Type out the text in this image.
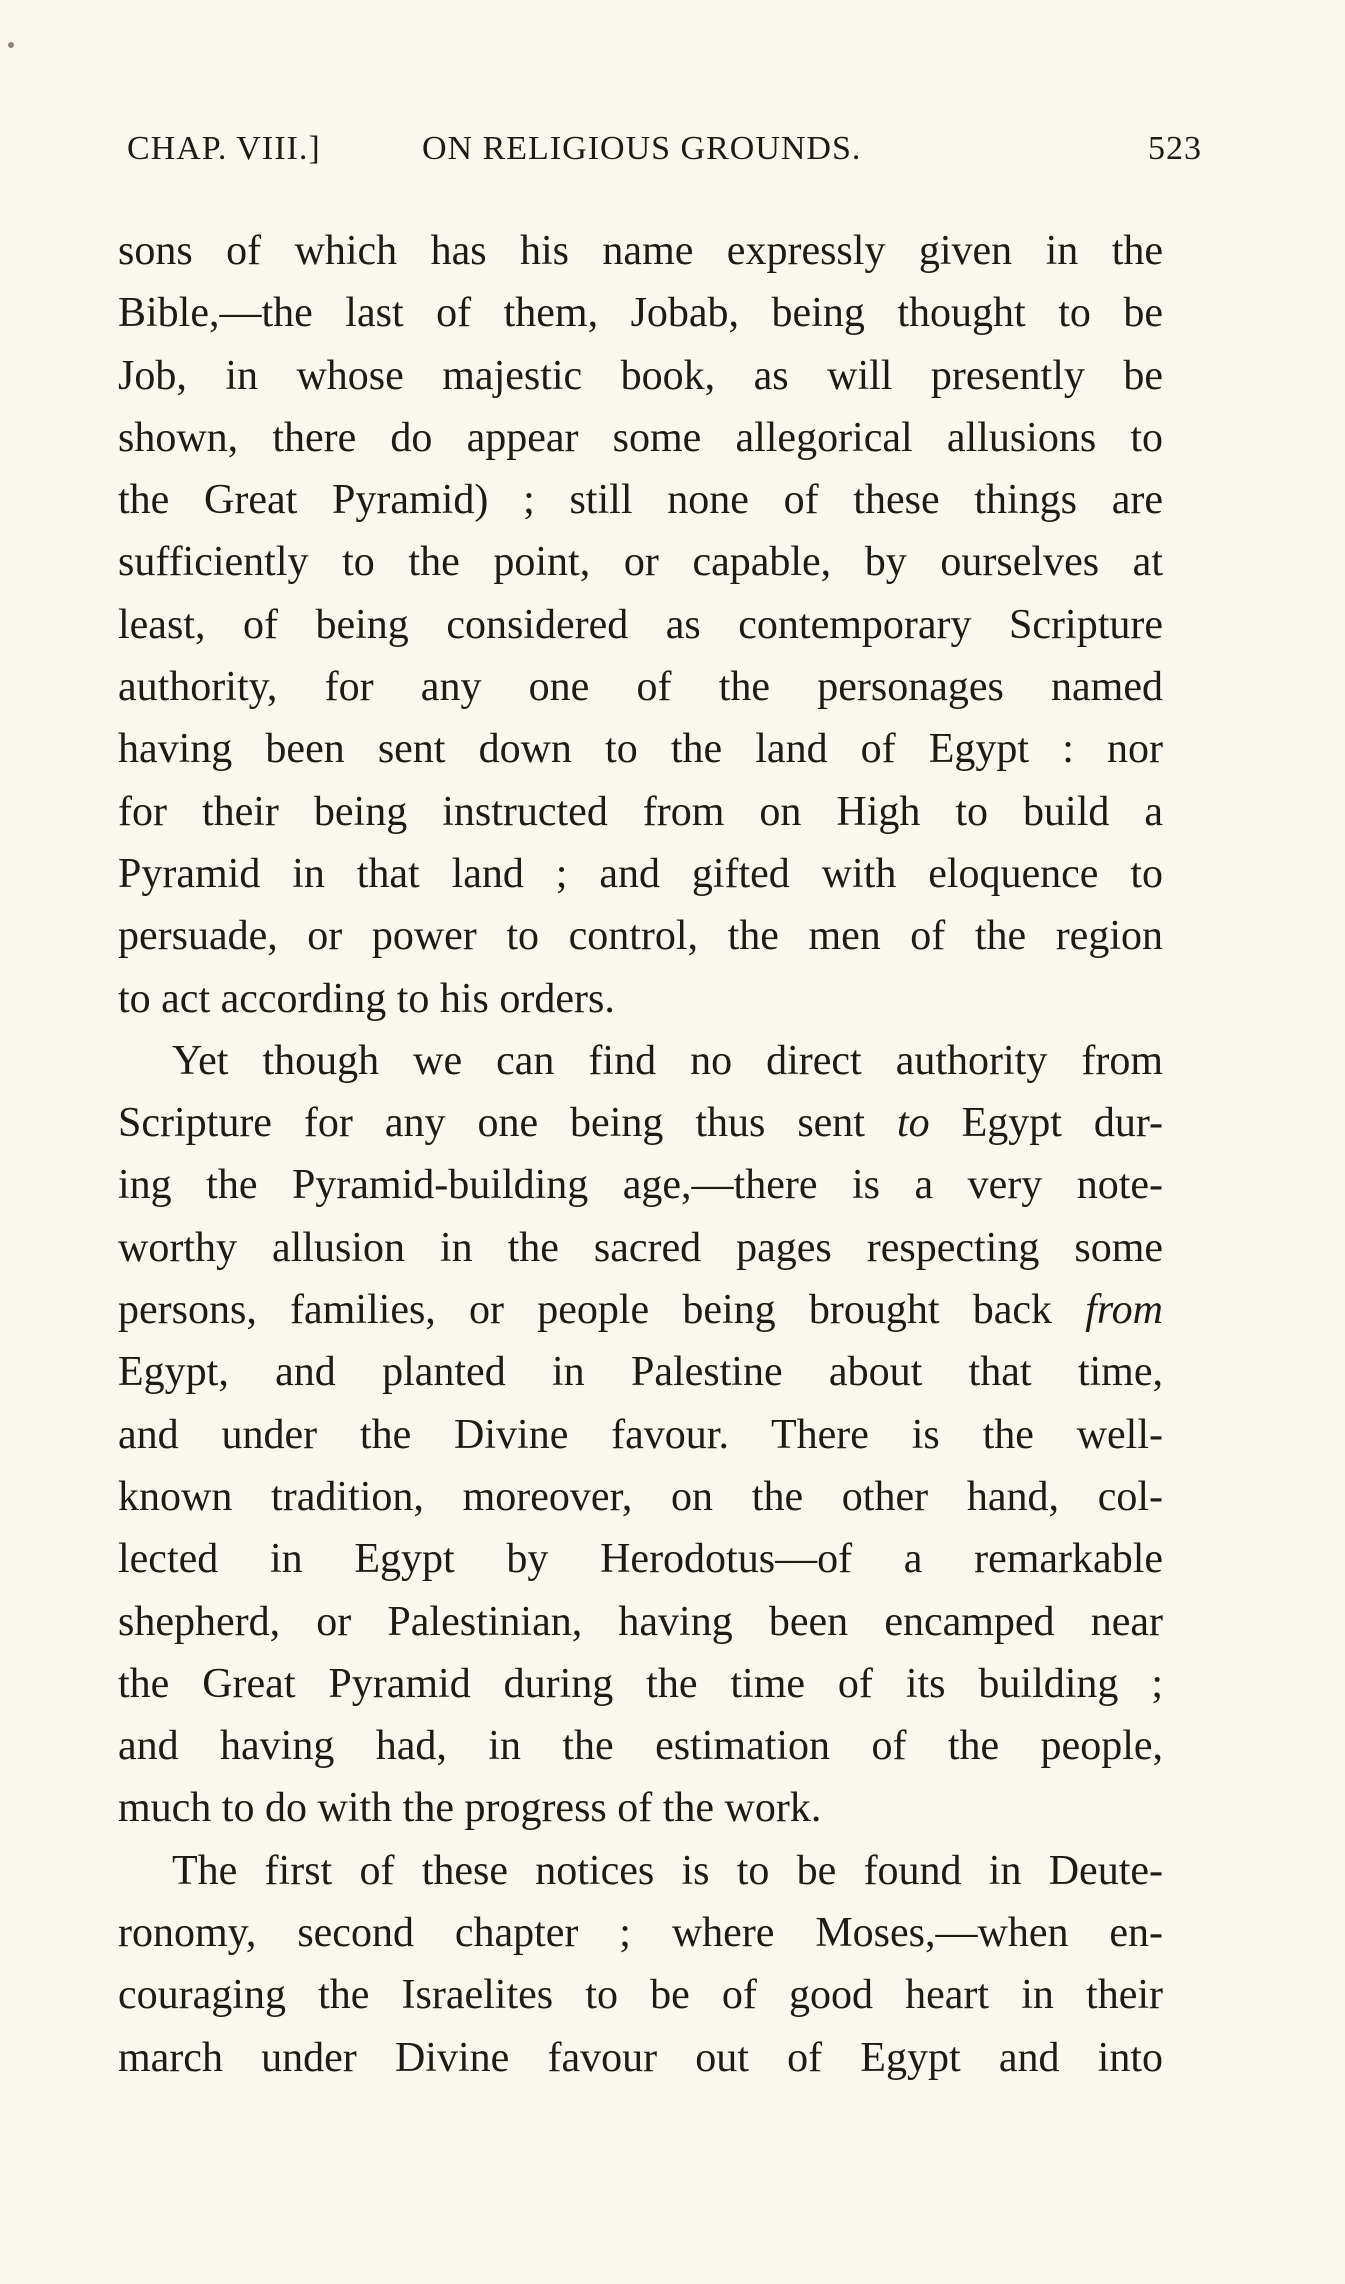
CHAP. VIII.]	ON RELIGIOUS GROUNDS.	523
sons of which has his name expressly given in the
Bible,—the last of them, Jobab, being thought to be
Job, in whose majestic book, as will presently be
shown, there do appear some allegorical allusions to
the Great Pyramid) ; still none of these things are
sufficiently to the point, or capable, by ourselves at
least, of being considered as contemporary Scripture
authority, for any one of the personages named
having been sent down to the land of Egypt : nor
for their being instructed from on High to build a
Pyramid in that land ; and gifted with eloquence to
persuade, or power to control, the men of the region
to act according to his orders.
Yet though we can find no direct authority from
Scripture for any one being thus sent to Egypt dur-
ing the Pyramid-building age,—there is a very note-
worthy allusion in the sacred pages respecting some
persons, families, or people being brought back from
Egypt, and planted in Palestine about that time,
and under the Divine favour. There is the well-
known tradition, moreover, on the other hand, col-
lected in Egypt by Herodotus—of a remarkable
shepherd, or Palestinian, having been encamped near
the Great Pyramid during the time of its building ;
and having had, in the estimation of the people,
much to do with the progress of the work.
The first of these notices is to be found in Deute-
ronomy, second chapter ; where Moses,—when en-
couraging the Israelites to be of good heart in their
march under Divine favour out of Egypt and into
